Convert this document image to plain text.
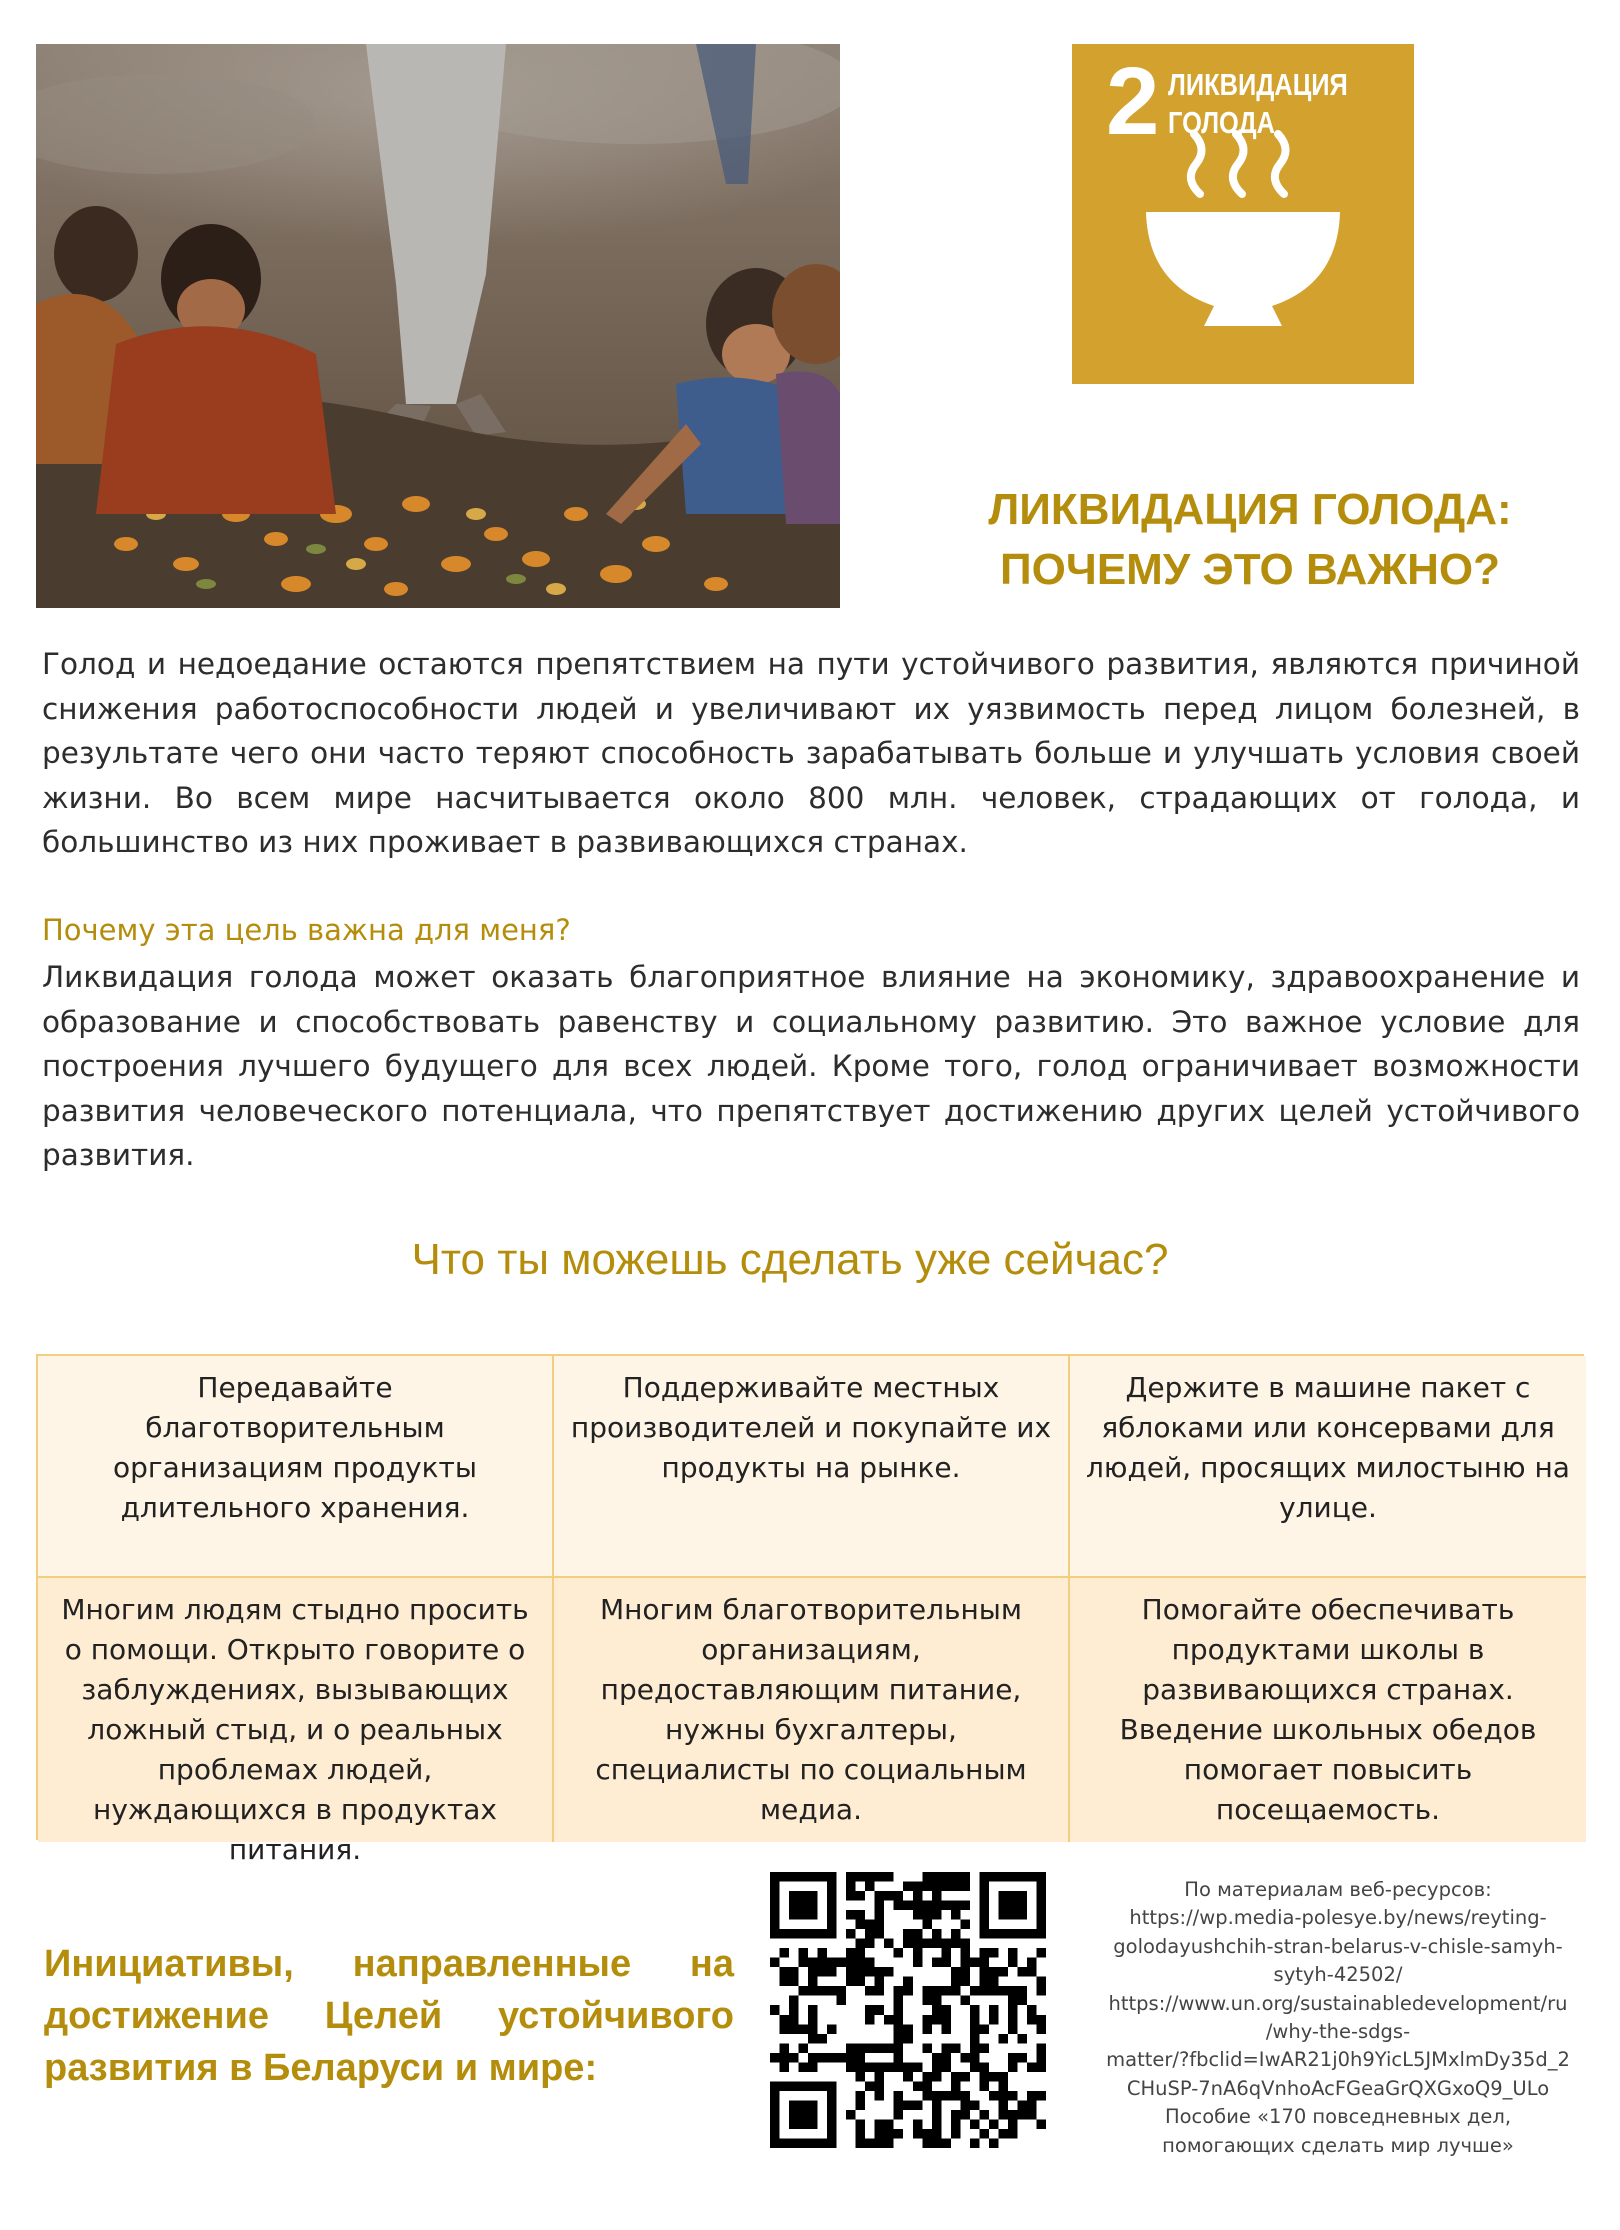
2 ЛИКВИДАЦИЯ
ГОЛОДА
ЛИКВИДАЦИЯ ГОЛОДА:
ПОЧЕМУ ЭТО ВАЖНО?
Голод и недоедание остаются препятствием на пути устойчивого развития, являются причиной снижения работоспособности людей и увеличивают их уязвимость перед лицом болезней, в результате чего они часто теряют способность зарабатывать больше и улучшать условия своей жизни. Во всем мире насчитывается около 800 млн. человек, страдающих от голода, и большинство из них проживает в развивающихся странах.
Почему эта цель важна для меня?
Ликвидация голода может оказать благоприятное влияние на экономику, здравоохранение и образование и способствовать равенству и социальному развитию. Это важное условие для построения лучшего будущего для всех людей. Кроме того, голод ограничивает возможности развития человеческого потенциала, что препятствует достижению других целей устойчивого развития.
Что ты можешь сделать уже сейчас?
Передавайте благотворительным организациям продукты длительного хранения.
Поддерживайте местных производителей и покупайте их продукты на рынке.
Держите в машине пакет с яблоками или консервами для людей, просящих милостыню на улице.
Многим людям стыдно просить о помощи. Открыто говорите о заблуждениях, вызывающих ложный стыд, и о реальных проблемах людей, нуждающихся в продуктах питания.
Многим благотворительным организациям, предоставляющим питание, нужны бухгалтеры, специалисты по социальным медиа.
Помогайте обеспечивать продуктами школы в развивающихся странах. Введение школьных обедов помогает повысить посещаемость.
Инициативы, направленные на достижение Целей устойчивого развития в Беларуси и мире:
По материалам веб-ресурсов:
https://wp.media-polesye.by/news/reyting-
golodayushchih-stran-belarus-v-chisle-samyh-
sytyh-42502/
https://www.un.org/sustainabledevelopment/ru
/why-the-sdgs-
matter/?fbclid=IwAR21j0h9YicL5JMxlmDy35d_2
CHuSP-7nA6qVnhoAcFGeaGrQXGxoQ9_ULo
Пособие «170 повседневных дел,
помогающих сделать мир лучше»
